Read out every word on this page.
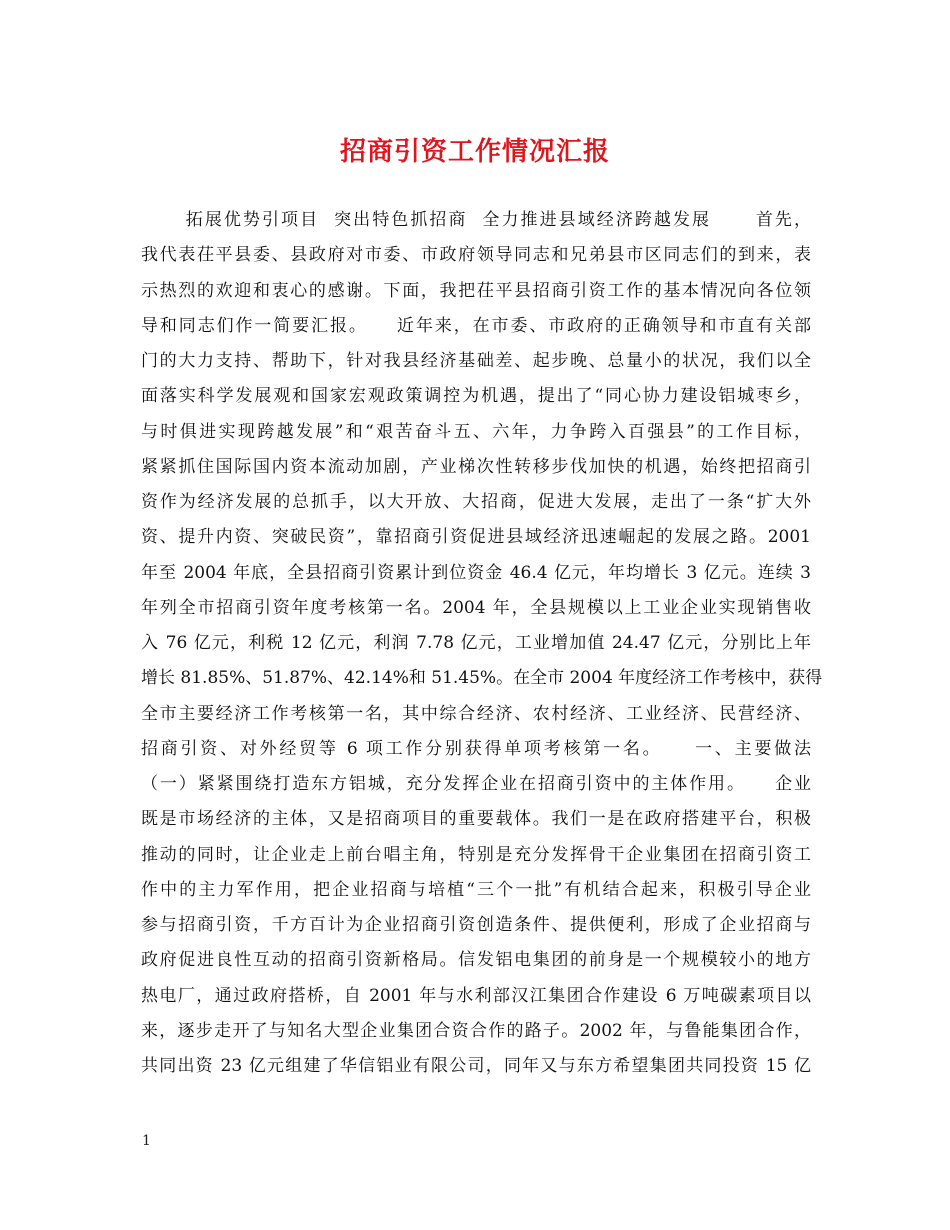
招商引资工作情况汇报
拓展优势引项目  突出特色抓招商  全力推进县域经济跨越发展      首先，
我代表茌平县委、县政府对市委、市政府领导同志和兄弟县市区同志们的到来，表
示热烈的欢迎和衷心的感谢。下面，我把茌平县招商引资工作的基本情况向各位领
导和同志们作一简要汇报。    近年来，在市委、市政府的正确领导和市直有关部
门的大力支持、帮助下，针对我县经济基础差、起步晚、总量小的状况，我们以全
面落实科学发展观和国家宏观政策调控为机遇，提出了“同心协力建设铝城枣乡，
与时俱进实现跨越发展”和“艰苦奋斗五、六年，力争跨入百强县”的工作目标，
紧紧抓住国际国内资本流动加剧，产业梯次性转移步伐加快的机遇，始终把招商引
资作为经济发展的总抓手，以大开放、大招商，促进大发展，走出了一条“扩大外
资、提升内资、突破民资”，靠招商引资促进县域经济迅速崛起的发展之路。2001
年至 2004 年底，全县招商引资累计到位资金 46.4 亿元，年均增长 3 亿元。连续 3
年列全市招商引资年度考核第一名。2004 年，全县规模以上工业企业实现销售收
入 76 亿元，利税 12 亿元，利润 7.78 亿元，工业增加值 24.47 亿元，分别比上年
增长 81.85%、51.87%、42.14%和 51.45%。在全市 2004 年度经济工作考核中，获得
全市主要经济工作考核第一名，其中综合经济、农村经济、工业经济、民营经济、
招商引资、对外经贸等 6 项工作分别获得单项考核第一名。    一、主要做法
（一）紧紧围绕打造东方铝城，充分发挥企业在招商引资中的主体作用。    企业
既是市场经济的主体，又是招商项目的重要载体。我们一是在政府搭建平台，积极
推动的同时，让企业走上前台唱主角，特别是充分发挥骨干企业集团在招商引资工
作中的主力军作用，把企业招商与培植“三个一批”有机结合起来，积极引导企业
参与招商引资，千方百计为企业招商引资创造条件、提供便利，形成了企业招商与
政府促进良性互动的招商引资新格局。信发铝电集团的前身是一个规模较小的地方
热电厂，通过政府搭桥，自 2001 年与水利部汉江集团合作建设 6 万吨碳素项目以
来，逐步走开了与知名大型企业集团合资合作的路子。2002 年，与鲁能集团合作，
共同出资 23 亿元组建了华信铝业有限公司，同年又与东方希望集团共同投资 15 亿
1
